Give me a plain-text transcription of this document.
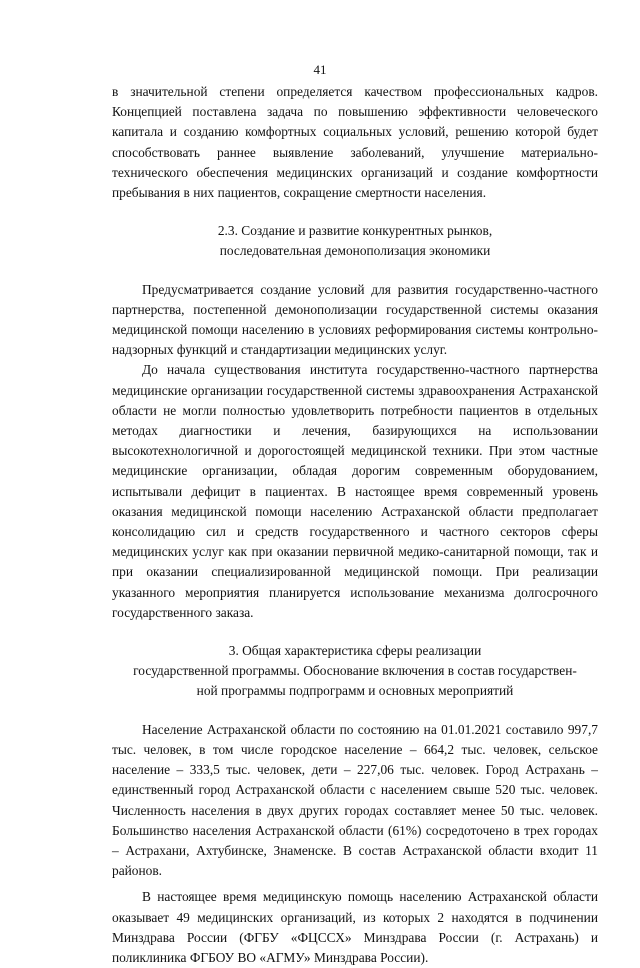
41

в значительной степени определяется качеством профессиональных кадров. Концепцией поставлена задача по повышению эффективности человеческого капитала и созданию комфортных социальных условий, решению которой будет способствовать раннее выявление заболеваний, улучшение материально-технического обеспечения медицинских организаций и создание комфортности пребывания в них пациентов, сокращение смертности населения.

2.3. Создание и развитие конкурентных рынков,
последовательная демонополизация экономики

Предусматривается создание условий для развития государственно-частного партнерства, постепенной демонополизации государственной системы оказания медицинской помощи населению в условиях реформирования системы контрольно-надзорных функций и стандартизации медицинских услуг.

До начала существования института государственно-частного партнерства медицинские организации государственной системы здравоохранения Астраханской области не могли полностью удовлетворить потребности пациентов в отдельных методах диагностики и лечения, базирующихся на использовании высокотехнологичной и дорогостоящей медицинской техники. При этом частные медицинские организации, обладая дорогим современным оборудованием, испытывали дефицит в пациентах. В настоящее время современный уровень оказания медицинской помощи населению Астраханской области предполагает консолидацию сил и средств государственного и частного секторов сферы медицинских услуг как при оказании первичной медико-санитарной помощи, так и при оказании специализированной медицинской помощи. При реализации указанного мероприятия планируется использование механизма долгосрочного государственного заказа.

3. Общая характеристика сферы реализации
государственной программы. Обоснование включения в состав государствен-
ной программы подпрограмм и основных мероприятий

Население Астраханской области по состоянию на 01.01.2021 составило 997,7 тыс. человек, в том числе городское население – 664,2 тыс. человек, сельское население – 333,5 тыс. человек, дети – 227,06 тыс. человек. Город Астрахань – единственный город Астраханской области с населением свыше 520 тыс. человек. Численность населения в двух других городах составляет менее 50 тыс. человек. Большинство населения Астраханской области (61%) сосредоточено в трех городах – Астрахани, Ахтубинске, Знаменске. В состав Астраханской области входит 11 районов.

В настоящее время медицинскую помощь населению Астраханской области оказывает 49 медицинских организаций, из которых 2 находятся в подчинении Минздрава России (ФГБУ «ФЦССХ» Минздрава России (г. Астрахань) и поликлиника ФГБОУ ВО «АГМУ» Минздрава России).
